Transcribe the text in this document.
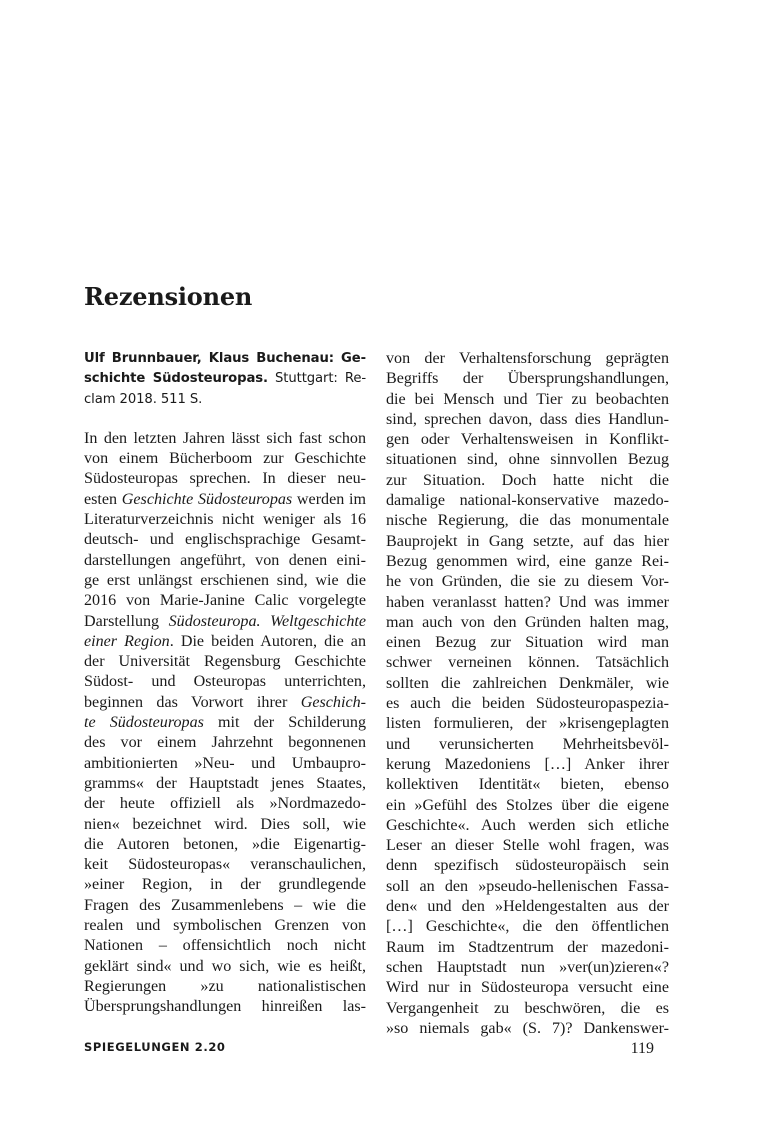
Rezensionen
Ulf Brunnbauer, Klaus Buchenau: Ge-
schichte Südosteuropas. Stuttgart: Re-
clam 2018. 511 S.
In den letzten Jahren lässt sich fast schon
von einem Bücherboom zur Geschichte
Südosteuropas sprechen. In dieser neu-
esten Geschichte Südosteuropas werden im
Literaturverzeichnis nicht weniger als 16
deutsch- und englischsprachige Gesamt-
darstellungen angeführt, von denen eini-
ge erst unlängst erschienen sind, wie die
2016 von Marie-Janine Calic vorgelegte
Darstellung Südosteuropa. Weltgeschichte
einer Region. Die beiden Autoren, die an
der Universität Regensburg Geschichte
Südost- und Osteuropas unterrichten,
beginnen das Vorwort ihrer Geschich-
te Südosteuropas mit der Schilderung
des vor einem Jahrzehnt begonnenen
ambitionierten »Neu- und Umbaupro-
gramms« der Hauptstadt jenes Staates,
der heute offiziell als »Nordmazedo-
nien« bezeichnet wird. Dies soll, wie
die Autoren betonen, »die Eigenartig-
keit Südosteuropas« veranschaulichen,
»einer Region, in der grundlegende
Fragen des Zusammenlebens – wie die
realen und symbolischen Grenzen von
Nationen – offensichtlich noch nicht
geklärt sind« und wo sich, wie es heißt,
Regierungen »zu nationalistischen
Übersprungshandlungen hinreißen las-
von der Verhaltensforschung geprägten
Begriffs der Übersprungshandlungen,
die bei Mensch und Tier zu beobachten
sind, sprechen davon, dass dies Handlun-
gen oder Verhaltensweisen in Konflikt-
situationen sind, ohne sinnvollen Bezug
zur Situation. Doch hatte nicht die
damalige national-konservative mazedo-
nische Regierung, die das monumentale
Bauprojekt in Gang setzte, auf das hier
Bezug genommen wird, eine ganze Rei-
he von Gründen, die sie zu diesem Vor-
haben veranlasst hatten? Und was immer
man auch von den Gründen halten mag,
einen Bezug zur Situation wird man
schwer verneinen können. Tatsächlich
sollten die zahlreichen Denkmäler, wie
es auch die beiden Südosteuropaspezia-
listen formulieren, der »krisengeplagten
und verunsicherten Mehrheitsbevöl-
kerung Mazedoniens […] Anker ihrer
kollektiven Identität« bieten, ebenso
ein »Gefühl des Stolzes über die eigene
Geschichte«. Auch werden sich etliche
Leser an dieser Stelle wohl fragen, was
denn spezifisch südosteuropäisch sein
soll an den »pseudo-hellenischen Fassa-
den« und den »Heldengestalten aus der
[…] Geschichte«, die den öffentlichen
Raum im Stadtzentrum der mazedoni-
schen Hauptstadt nun »ver(un)zieren«?
Wird nur in Südosteuropa versucht eine
Vergangenheit zu beschwören, die es
»so niemals gab« (S. 7)? Dankenswer-
SPIEGELUNGEN 2.20	119
